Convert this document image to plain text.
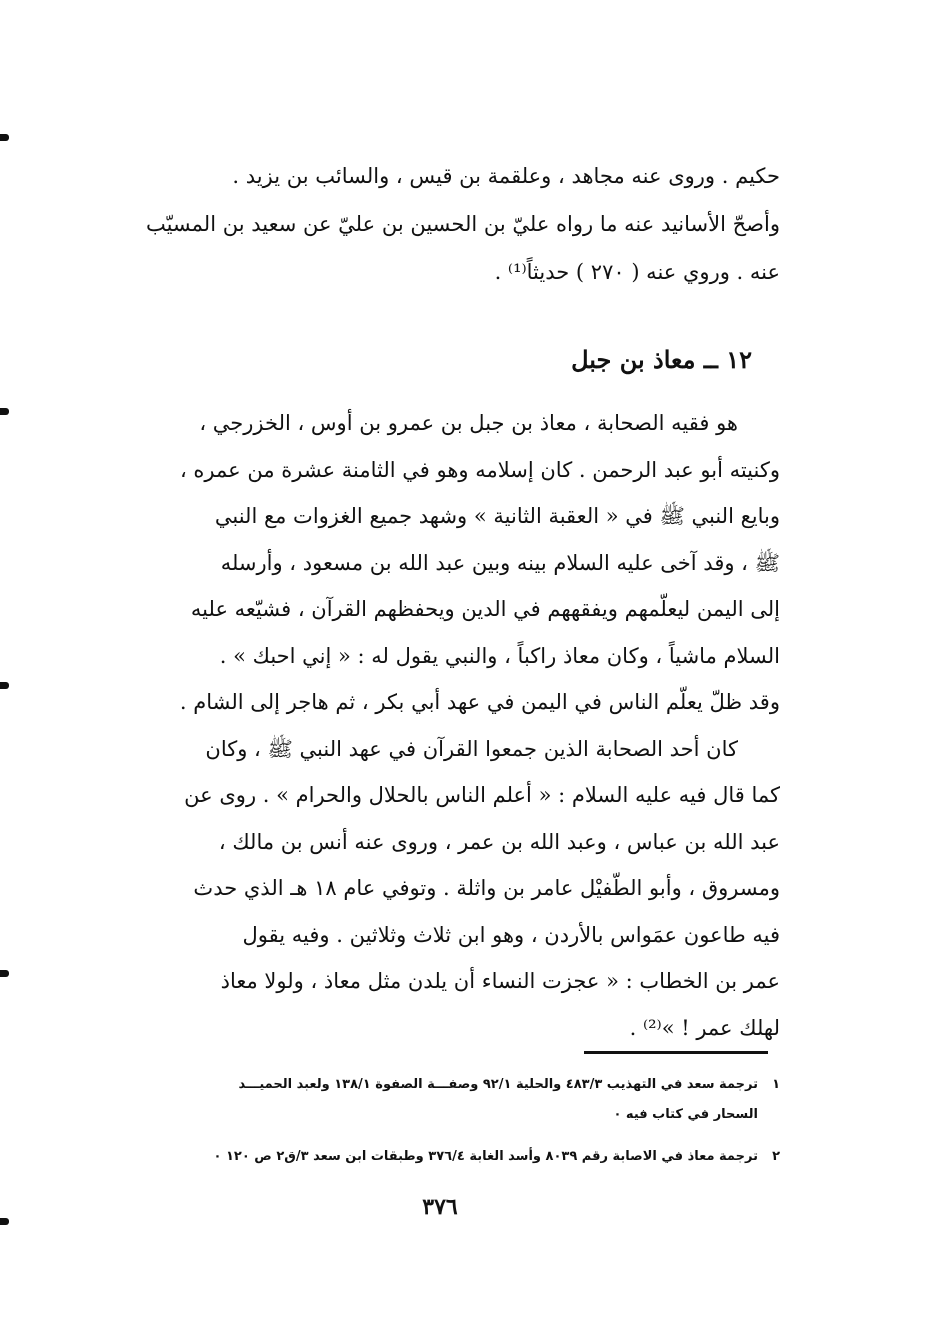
حكيم . وروى عنه مجاهد ، وعلقمة بن قيس ، والسائب بن يزيد .
وأصحّ الأسانيد عنه ما رواه عليّ بن الحسين بن عليّ عن سعيد بن المسيّب
عنه . وروي عنه ( ٢٧٠ ) حديثاً⁽¹⁾ .
١٢ ــ معاذ بن جبل
هو فقيه الصحابة ، معاذ بن جبل بن عمرو بن أوس ، الخزرجي ،
وكنيته أبو عبد الرحمن . كان إسلامه وهو في الثامنة عشرة من عمره ،
وبايع النبي ﷺ في « العقبة الثانية » وشهد جميع الغزوات مع النبي
ﷺ ، وقد آخى عليه السلام بينه وبين عبد الله بن مسعود ، وأرسله
إلى اليمن ليعلّمهم ويفقههم في الدين ويحفظهم القرآن ، فشيّعه عليه
السلام ماشياً ، وكان معاذ راكباً ، والنبي يقول له : « إني احبك » .
وقد ظلّ يعلّم الناس في اليمن في عهد أبي بكر ، ثم هاجر إلى الشام .
كان أحد الصحابة الذين جمعوا القرآن في عهد النبي ﷺ ، وكان
كما قال فيه عليه السلام : « أعلم الناس بالحلال والحرام » . روى عن
عبد الله بن عباس ، وعبد الله بن عمر ، وروى عنه أنس بن مالك ،
ومسروق ، وأبو الطّفيْل عامر بن واثلة . وتوفي عام ١٨ هـ الذي حدث
فيه طاعون عمَواس بالأردن ، وهو ابن ثلاث وثلاثين . وفيه يقول
عمر بن الخطاب : « عجزت النساء أن يلدن مثل معاذ ، ولولا معاذ
لهلك عمر ! »⁽²⁾ .
١
ترجمة سعد في التهذيب ٤٨٣/٣ والحلية ٩٢/١ وصفـــة الصفوة ١٣٨/١ ولعبد الحميـــد
السحار في كتاب فيه ٠
٢
ترجمة معاذ في الاصابة رقم ٨٠٣٩ وأسد الغابة ٣٧٦/٤ وطبقات ابن سعد ٣/ق٢ ص ١٢٠ ٠
٣٧٦
